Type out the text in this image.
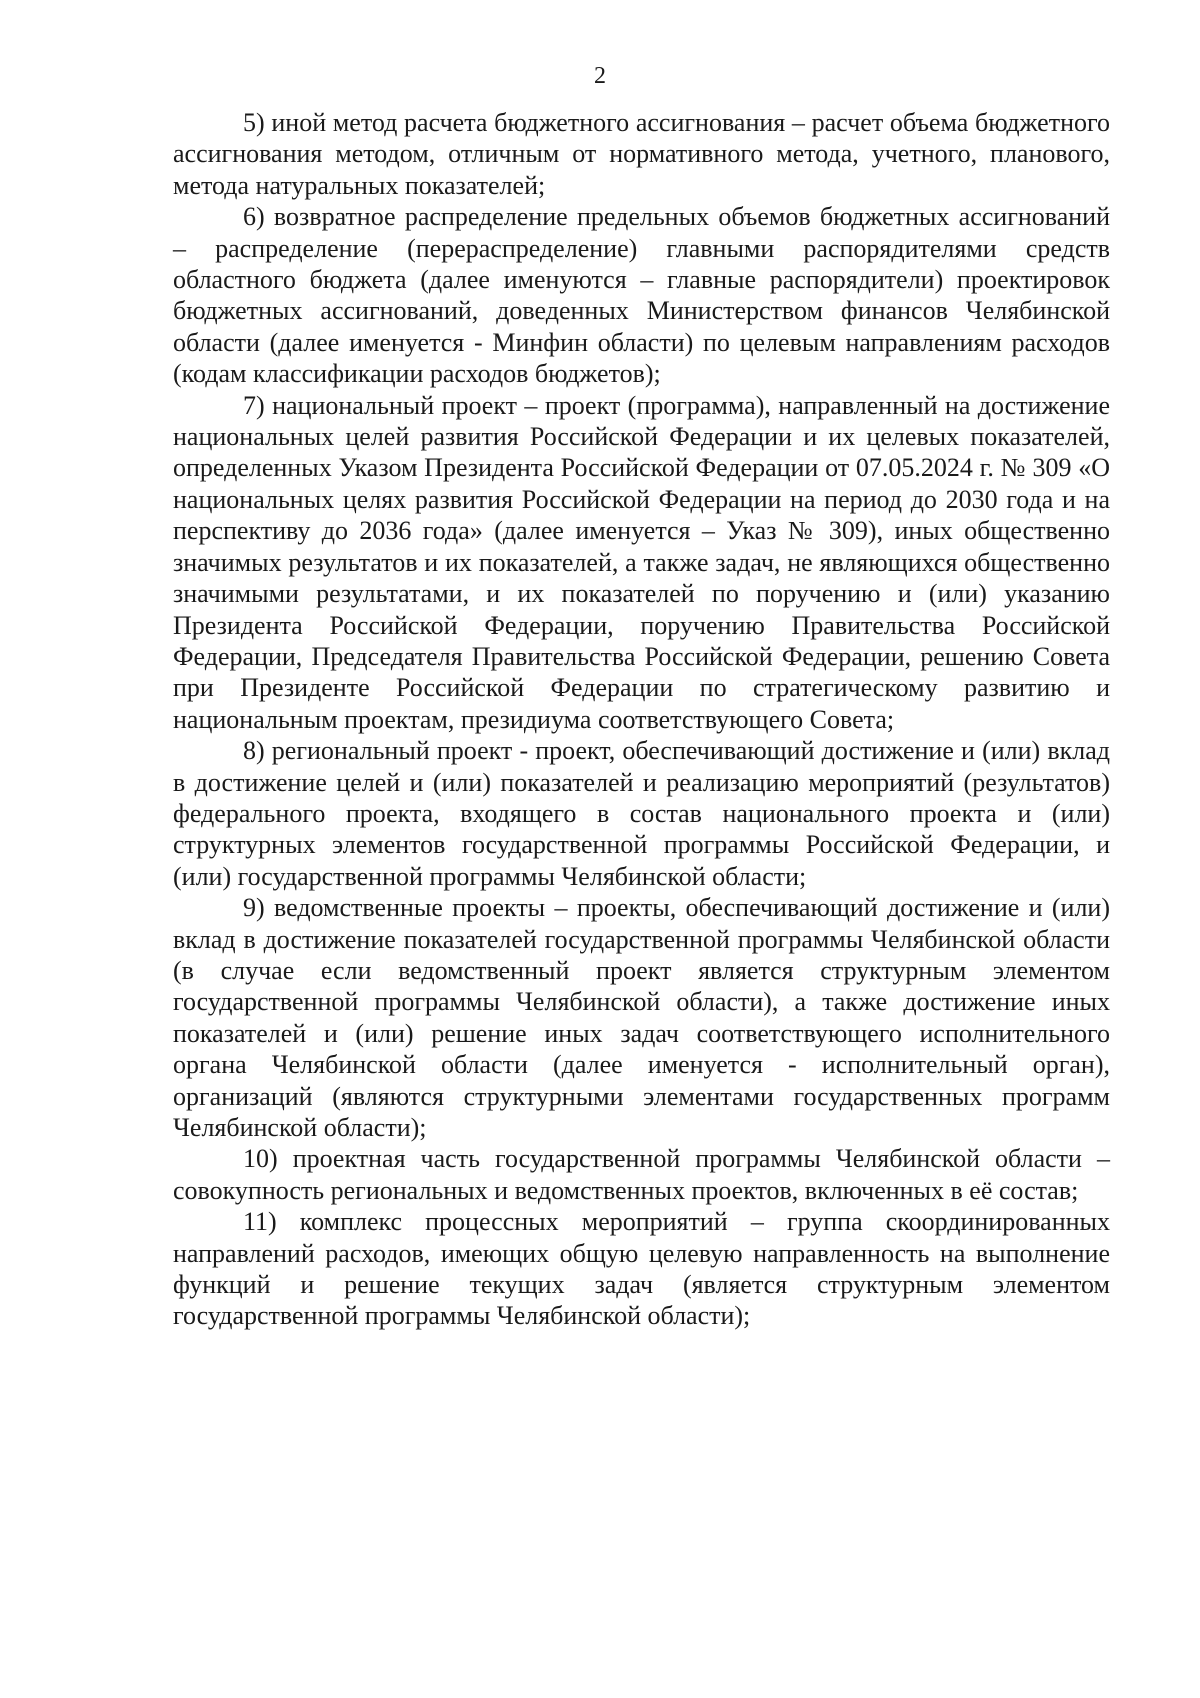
2

5) иной метод расчета бюджетного ассигнования – расчет объема бюджетного ассигнования методом, отличным от нормативного метода, учетного, планового, метода натуральных показателей;

6) возвратное распределение предельных объемов бюджетных ассигнований – распределение (перераспределение) главными распорядителями средств областного бюджета (далее именуются – главные распорядители) проектировок бюджетных ассигнований, доведенных Министерством финансов Челябинской области (далее именуется - Минфин области) по целевым направлениям расходов (кодам классификации расходов бюджетов);

7) национальный проект – проект (программа), направленный на достижение национальных целей развития Российской Федерации и их целевых показателей, определенных Указом Президента Российской Федерации от 07.05.2024 г. № 309 «О национальных целях развития Российской Федерации на период до 2030 года и на перспективу до 2036 года» (далее именуется – Указ № 309), иных общественно значимых результатов и их показателей, а также задач, не являющихся общественно значимыми результатами, и их показателей по поручению и (или) указанию Президента Российской Федерации, поручению Правительства Российской Федерации, Председателя Правительства Российской Федерации, решению Совета при Президенте Российской Федерации по стратегическому развитию и национальным проектам, президиума соответствующего Совета;

8) региональный проект - проект, обеспечивающий достижение и (или) вклад в достижение целей и (или) показателей и реализацию мероприятий (результатов) федерального проекта, входящего в состав национального проекта и (или) структурных элементов государственной программы Российской Федерации, и (или) государственной программы Челябинской области;

9) ведомственные проекты – проекты, обеспечивающий достижение и (или) вклад в достижение показателей государственной программы Челябинской области (в случае если ведомственный проект является структурным элементом государственной программы Челябинской области), а также достижение иных показателей и (или) решение иных задач соответствующего исполнительного органа Челябинской области (далее именуется - исполнительный орган), организаций (являются структурными элементами государственных программ Челябинской области);

10) проектная часть государственной программы Челябинской области – совокупность региональных и ведомственных проектов, включенных в её состав;

11) комплекс процессных мероприятий – группа скоординированных направлений расходов, имеющих общую целевую направленность на выполнение функций и решение текущих задач (является структурным элементом государственной программы Челябинской области);
